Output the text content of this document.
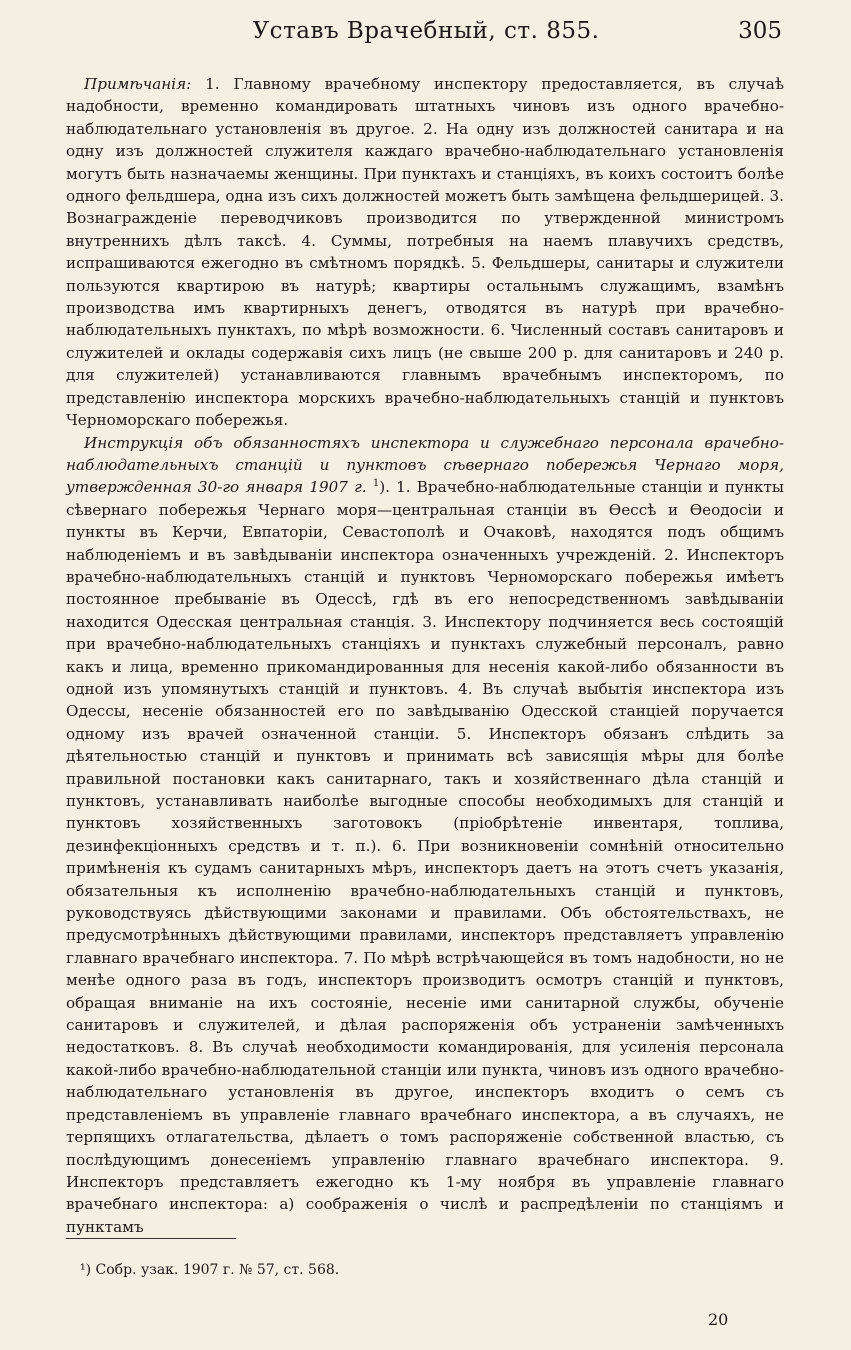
Уставъ Врачебный, ст. 855.	305

Примѣчанія: 1. Главному врачебному инспектору предоставляется, въ случаѣ надобности, временно командировать штатныхъ чиновъ изъ одного врачебно-наблюдательнаго установленія въ другое. 2. На одну изъ должностей санитара и на одну изъ должностей служителя каждаго врачебно-наблюдательнаго установленія могутъ быть назначаемы женщины. При пунктахъ и станціяхъ, въ коихъ состоитъ болѣе одного фельдшера, одна изъ сихъ должностей можетъ быть замѣщена фельдшерицей. 3. Вознагражденіе переводчиковъ производится по утвержденной министромъ внутреннихъ дѣлъ таксѣ. 4. Суммы, потребныя на наемъ плавучихъ средствъ, испрашиваются ежегодно въ смѣтномъ порядкѣ. 5. Фельдшеры, санитары и служители пользуются квартирою въ натурѣ; квартиры остальнымъ служащимъ, взамѣнъ производства имъ квартирныхъ денегъ, отводятся въ натурѣ при врачебно-наблюдательныхъ пунктахъ, по мѣрѣ возможности. 6. Численный составъ санитаровъ и служителей и оклады содержавія сихъ лицъ (не свыше 200 р. для санитаровъ и 240 р. для служителей) устанавливаются главнымъ врачебнымъ инспекторомъ, по представленію инспектора морскихъ врачебно-наблюдательныхъ станцій и пунктовъ Черноморскаго побережья.

Инструкція объ обязанностяхъ инспектора и служебнаго персонала врачебно-наблюдательныхъ станцій и пунктовъ сѣвернаго побережья Чернаго моря, утвержденная 30-го января 1907 г. $^1$). 1. Врачебно-наблюдательные станціи и пункты сѣвернаго побережья Чернаго моря—центральная станціи въ Ѳессѣ и Ѳеодосіи и пункты въ Керчи, Евпаторіи, Севастополѣ и Очаковѣ, находятся подъ общимъ наблюденіемъ и въ завѣдываніи инспектора означенныхъ учрежденій. 2. Инспекторъ врачебно-наблюдательныхъ станцій и пунктовъ Черноморскаго побережья имѣетъ постоянное пребываніе въ Одессѣ, гдѣ въ его непосредственномъ завѣдываніи находится Одесская центральная станція. 3. Инспектору подчиняется весь состоящій при врачебно-наблюдательныхъ станціяхъ и пунктахъ служебный персоналъ, равно какъ и лица, временно прикомандированныя для несенія какой-либо обязанности въ одной изъ упомянутыхъ станцій и пунктовъ. 4. Въ случаѣ выбытія инспектора изъ Одессы, несеніе обязанностей его по завѣдыванію Одесской станціей поручается одному изъ врачей означенной станціи. 5. Инспекторъ обязанъ слѣдить за дѣятельностью станцій и пунктовъ и принимать всѣ зависящія мѣры для болѣе правильной постановки какъ санитарнаго, такъ и хозяйственнаго дѣла станцій и пунктовъ, устанавливать наиболѣе выгодные способы необходимыхъ для станцій и пунктовъ хозяйственныхъ заготовокъ (пріобрѣтеніе инвентаря, топлива, дезинфекціонныхъ средствъ и т. п.). 6. При возникновеніи сомнѣній относительно примѣненія къ судамъ санитарныхъ мѣръ, инспекторъ даетъ на этотъ счетъ указанія, обязательныя къ исполненію врачебно-наблюдательныхъ станцій и пунктовъ, руководствуясь дѣйствующими законами и правилами. Объ обстоятельствахъ, не предусмотрѣнныхъ дѣйствующими правилами, инспекторъ представляетъ управленію главнаго врачебнаго инспектора. 7. По мѣрѣ встрѣчающейся въ томъ надобности, но не менѣе одного раза въ годъ, инспекторъ производитъ осмотръ станцій и пунктовъ, обращая вниманіе на ихъ состояніе, несеніе ими санитарной службы, обученіе санитаровъ и служителей, и дѣлая распоряженія объ устраненіи замѣченныхъ недостатковъ. 8. Въ случаѣ необходимости командированія, для усиленія персонала какой-либо врачебно-наблюдательной станціи или пункта, чиновъ изъ одного врачебно-наблюдательнаго установленія въ другое, инспекторъ входитъ о семъ съ представленіемъ въ управленіе главнаго врачебнаго инспектора, а въ случаяхъ, не терпящихъ отлагательства, дѣлаетъ о томъ распоряженіе собственной властью, съ послѣдующимъ донесеніемъ управленію главнаго врачебнаго инспектора. 9. Инспекторъ представляетъ ежегодно къ 1-му ноября въ управленіе главнаго врачебнаго инспектора: а) соображенія о числѣ и распредѣленіи по станціямъ и пунктамъ

¹) Собр. узак. 1907 г. № 57, ст. 568.
20
